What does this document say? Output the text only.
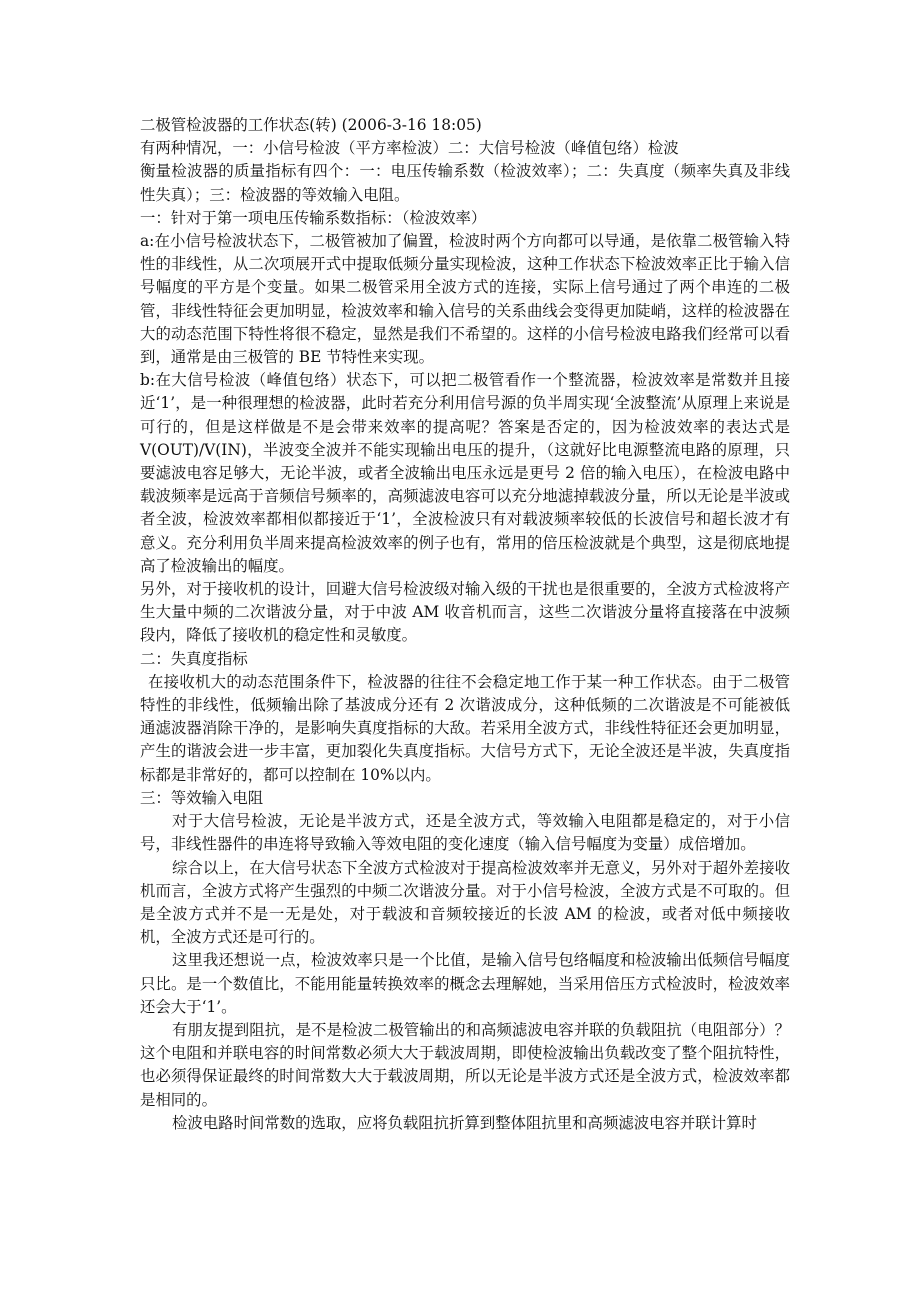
二极管检波器的工作状态(转) (2006-3-16 18:05)

有两种情况，一：小信号检波（平方率检波）二：大信号检波（峰值包络）检波

衡量检波器的质量指标有四个：一：电压传输系数（检波效率）；二：失真度（频率失真及非线性失真）；三：检波器的等效输入电阻。

一：针对于第一项电压传输系数指标：（检波效率）

a:在小信号检波状态下，二极管被加了偏置，检波时两个方向都可以导通，是依靠二极管输入特性的非线性，从二次项展开式中提取低频分量实现检波，这种工作状态下检波效率正比于输入信号幅度的平方是个变量。如果二极管采用全波方式的连接，实际上信号通过了两个串连的二极管，非线性特征会更加明显，检波效率和输入信号的关系曲线会变得更加陡峭，这样的检波器在大的动态范围下特性将很不稳定，显然是我们不希望的。这样的小信号检波电路我们经常可以看到，通常是由三极管的 BE 节特性来实现。

b:在大信号检波（峰值包络）状态下，可以把二极管看作一个整流器，检波效率是常数并且接近‘1’，是一种很理想的检波器，此时若充分利用信号源的负半周实现‘全波整流’从原理上来说是可行的，但是这样做是不是会带来效率的提高呢？答案是否定的，因为检波效率的表达式是 V(OUT)/V(IN)，半波变全波并不能实现输出电压的提升，（这就好比电源整流电路的原理，只要滤波电容足够大，无论半波，或者全波输出电压永远是更号 2 倍的输入电压），在检波电路中载波频率是远高于音频信号频率的，高频滤波电容可以充分地滤掉载波分量，所以无论是半波或者全波，检波效率都相似都接近于‘1’，全波检波只有对载波频率较低的长波信号和超长波才有意义。充分利用负半周来提高检波效率的例子也有，常用的倍压检波就是个典型，这是彻底地提高了检波输出的幅度。

另外，对于接收机的设计，回避大信号检波级对输入级的干扰也是很重要的，全波方式检波将产生大量中频的二次谐波分量，对于中波 AM 收音机而言，这些二次谐波分量将直接落在中波频段内，降低了接收机的稳定性和灵敏度。

二：失真度指标

在接收机大的动态范围条件下，检波器的往往不会稳定地工作于某一种工作状态。由于二极管特性的非线性，低频输出除了基波成分还有 2 次谐波成分，这种低频的二次谐波是不可能被低通滤波器消除干净的，是影响失真度指标的大敌。若采用全波方式，非线性特征还会更加明显，产生的谐波会进一步丰富，更加裂化失真度指标。大信号方式下，无论全波还是半波，失真度指标都是非常好的，都可以控制在 10%以内。

三：等效输入电阻

对于大信号检波，无论是半波方式，还是全波方式，等效输入电阻都是稳定的，对于小信号，非线性器件的串连将导致输入等效电阻的变化速度（输入信号幅度为变量）成倍增加。

综合以上，在大信号状态下全波方式检波对于提高检波效率并无意义，另外对于超外差接收机而言，全波方式将产生强烈的中频二次谐波分量。对于小信号检波，全波方式是不可取的。但是全波方式并不是一无是处，对于载波和音频较接近的长波 AM 的检波，或者对低中频接收机，全波方式还是可行的。

这里我还想说一点，检波效率只是一个比值，是输入信号包络幅度和检波输出低频信号幅度只比。是一个数值比，不能用能量转换效率的概念去理解她，当采用倍压方式检波时，检波效率还会大于‘1’。

有朋友提到阻抗，是不是检波二极管输出的和高频滤波电容并联的负载阻抗（电阻部分）？ 这个电阻和并联电容的时间常数必须大大于载波周期，即使检波输出负载改变了整个阻抗特性，也必须得保证最终的时间常数大大于载波周期，所以无论是半波方式还是全波方式，检波效率都是相同的。

检波电路时间常数的选取，应将负载阻抗折算到整体阻抗里和高频滤波电容并联计算时
